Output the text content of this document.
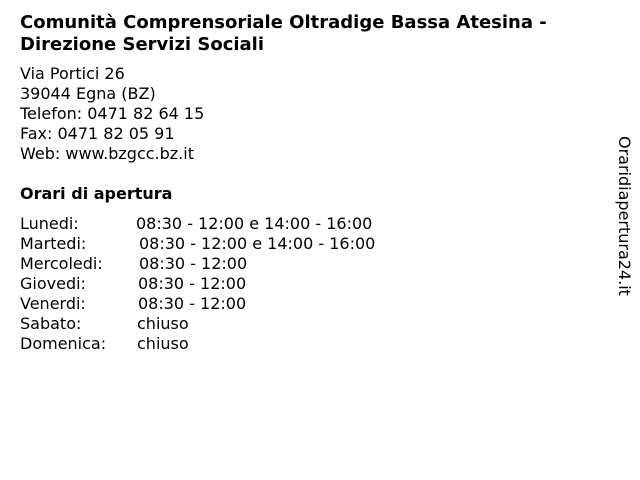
Comunità Comprensoriale Oltradige Bassa Atesina - Direzione Servizi Sociali
Via Portici 26
39044 Egna (BZ)
Telefon: 0471 82 64 15
Fax: 0471 82 05 91
Web: www.bzgcc.bz.it
Orari di apertura
Lunedi:	08:30 - 12:00 e 14:00 - 16:00
Martedi:	08:30 - 12:00 e 14:00 - 16:00
Mercoledi: 08:30 - 12:00
Giovedi:	08:30 - 12:00
Venerdi:	08:30 - 12:00
Sabato:	chiuso
Domenica: chiuso
Oraridiapertura24.it
